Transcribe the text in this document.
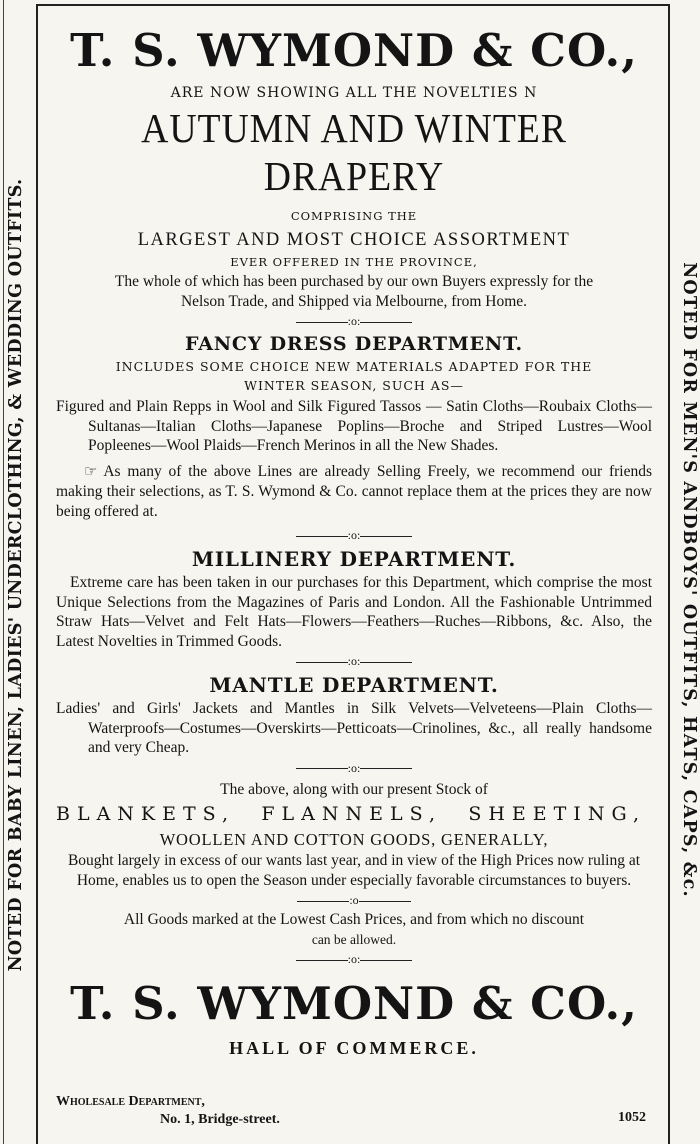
NOTED FOR BABY LINEN, LADIES' UNDERCLOTHING, & WEDDING OUTFITS.	NOTED FOR MEN'S ANDBOYS' OUTFITS, HATS, CAPS, &c.
T. S. WYMOND & CO.,
ARE NOW SHOWING ALL THE NOVELTIES N
AUTUMN AND WINTER DRAPERY
COMPRISING THE
LARGEST AND MOST CHOICE ASSORTMENT
EVER OFFERED IN THE PROVINCE,
The whole of which has been purchased by our own Buyers expressly for the
Nelson Trade, and Shipped via Melbourne, from Home.
:o:
FANCY DRESS DEPARTMENT.
INCLUDES SOME CHOICE NEW MATERIALS ADAPTED FOR THE
WINTER SEASON, SUCH AS—
Figured and Plain Repps in Wool and Silk Figured Tassos — Satin Cloths—Roubaix Cloths—Sultanas—Italian Cloths—Japanese Poplins—Broche and Striped Lustres—Wool Popleenes—Wool Plaids—French Merinos in all the New Shades.
☞ As many of the above Lines are already Selling Freely, we recommend our friends making their selections, as T. S. Wymond & Co. cannot replace them at the prices they are now being offered at.
:o:
MILLINERY DEPARTMENT.
Extreme care has been taken in our purchases for this Department, which comprise the most Unique Selections from the Magazines of Paris and London. All the Fashionable Untrimmed Straw Hats—Velvet and Felt Hats—Flowers—Feathers—Ruches—Ribbons, &c. Also, the Latest Novelties in Trimmed Goods.
:o:
MANTLE DEPARTMENT.
Ladies' and Girls' Jackets and Mantles in Silk Velvets—Velveteens—Plain Cloths—Waterproofs—Costumes—Overskirts—Petticoats—Crinolines, &c., all really handsome and very Cheap.
:o:
The above, along with our present Stock of
BLANKETS, FLANNELS, SHEETING,
WOOLLEN AND COTTON GOODS, GENERALLY,
Bought largely in excess of our wants last year, and in view of the High Prices now ruling at Home, enables us to open the Season under especially favorable circumstances to buyers.
:o
All Goods marked at the Lowest Cash Prices, and from which no discount
can be allowed.
:o:
T. S. WYMOND & CO.,
HALL OF COMMERCE.
Wholesale Department,
No. 1, Bridge-street.	1052
